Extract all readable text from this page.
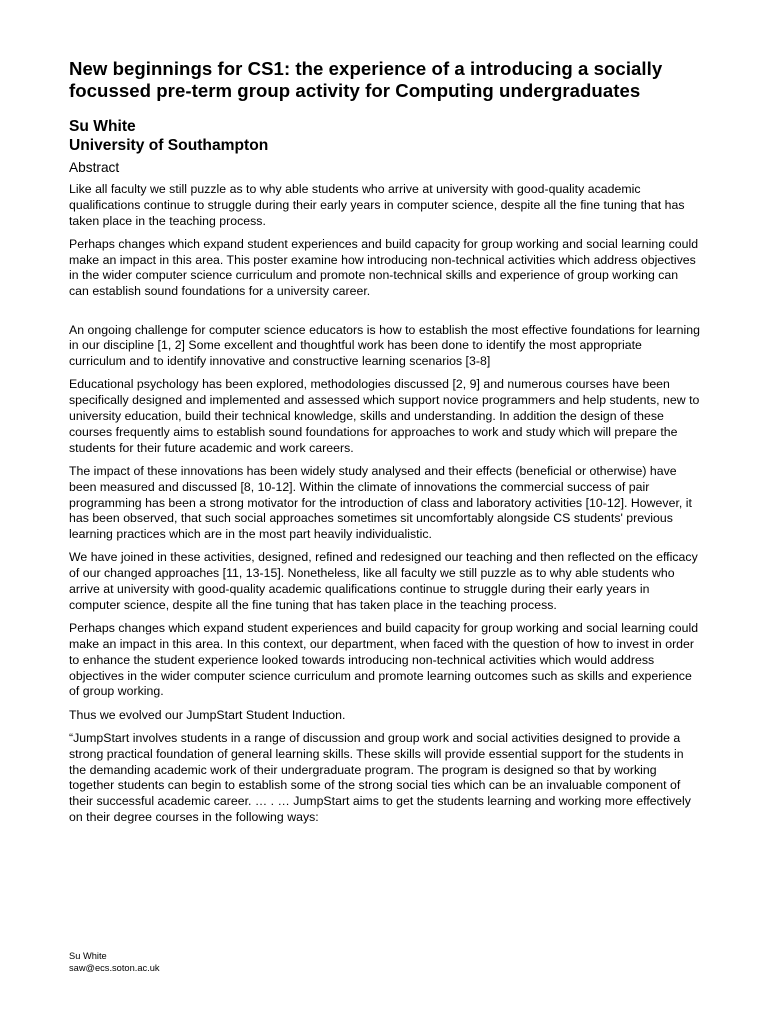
New beginnings for CS1: the experience of a introducing a socially focussed pre-term group activity for Computing undergraduates

Su White

University of Southampton

Abstract

Like all faculty we still puzzle as to why able students who arrive at university with good-quality academic qualifications continue to struggle during their early years in computer science, despite all the fine tuning that has taken place in the teaching process.

Perhaps changes which expand student experiences and build capacity for group working and social learning could make an impact in this area. This poster examine how introducing non-technical activities which address objectives in the wider computer science curriculum and promote non-technical skills and experience of group working can can establish sound foundations for a university career.

An ongoing challenge for computer science educators is how to establish the most effective foundations for learning in our discipline [1, 2] Some excellent and thoughtful work has been done to identify the most appropriate curriculum and to identify innovative and constructive learning scenarios [3-8]

Educational psychology has been explored, methodologies discussed [2, 9] and numerous courses have been specifically designed and implemented and assessed which support novice programmers and help students, new to university education, build their technical knowledge, skills and understanding. In addition the design of these courses frequently aims to establish sound foundations for approaches to work and study which will prepare the students for their future academic and work careers.

The impact of these innovations has been widely study analysed and their effects (beneficial or otherwise) have been measured and discussed [8, 10-12]. Within the climate of innovations the commercial success of pair programming has been a strong motivator for the introduction of class and laboratory activities [10-12]. However, it has been observed, that such social approaches sometimes sit uncomfortably alongside CS students' previous learning practices which are in the most part heavily individualistic.

We have joined in these activities, designed, refined and redesigned our teaching and then reflected on the efficacy of our changed approaches [11, 13-15]. Nonetheless, like all faculty we still puzzle as to why able students who arrive at university with good-quality academic qualifications continue to struggle during their early years in computer science, despite all the fine tuning that has taken place in the teaching process.

Perhaps changes which expand student experiences and build capacity for group working and social learning could make an impact in this area. In this context, our department, when faced with the question of how to invest in order to enhance the student experience looked towards introducing non-technical activities which would address objectives in the wider computer science curriculum and promote learning outcomes such as skills and experience of group working.

Thus we evolved our JumpStart Student Induction.

“JumpStart involves students in a range of discussion and group work and social activities designed to provide a strong practical foundation of general learning skills. These skills will provide essential support for the students in the demanding academic work of their undergraduate program. The program is designed so that by working together students can begin to establish some of the strong social ties which can be an invaluable component of their successful academic career. … . … JumpStart aims to get the students learning and working more effectively on their degree courses in the following ways:

Su White
saw@ecs.soton.ac.uk
